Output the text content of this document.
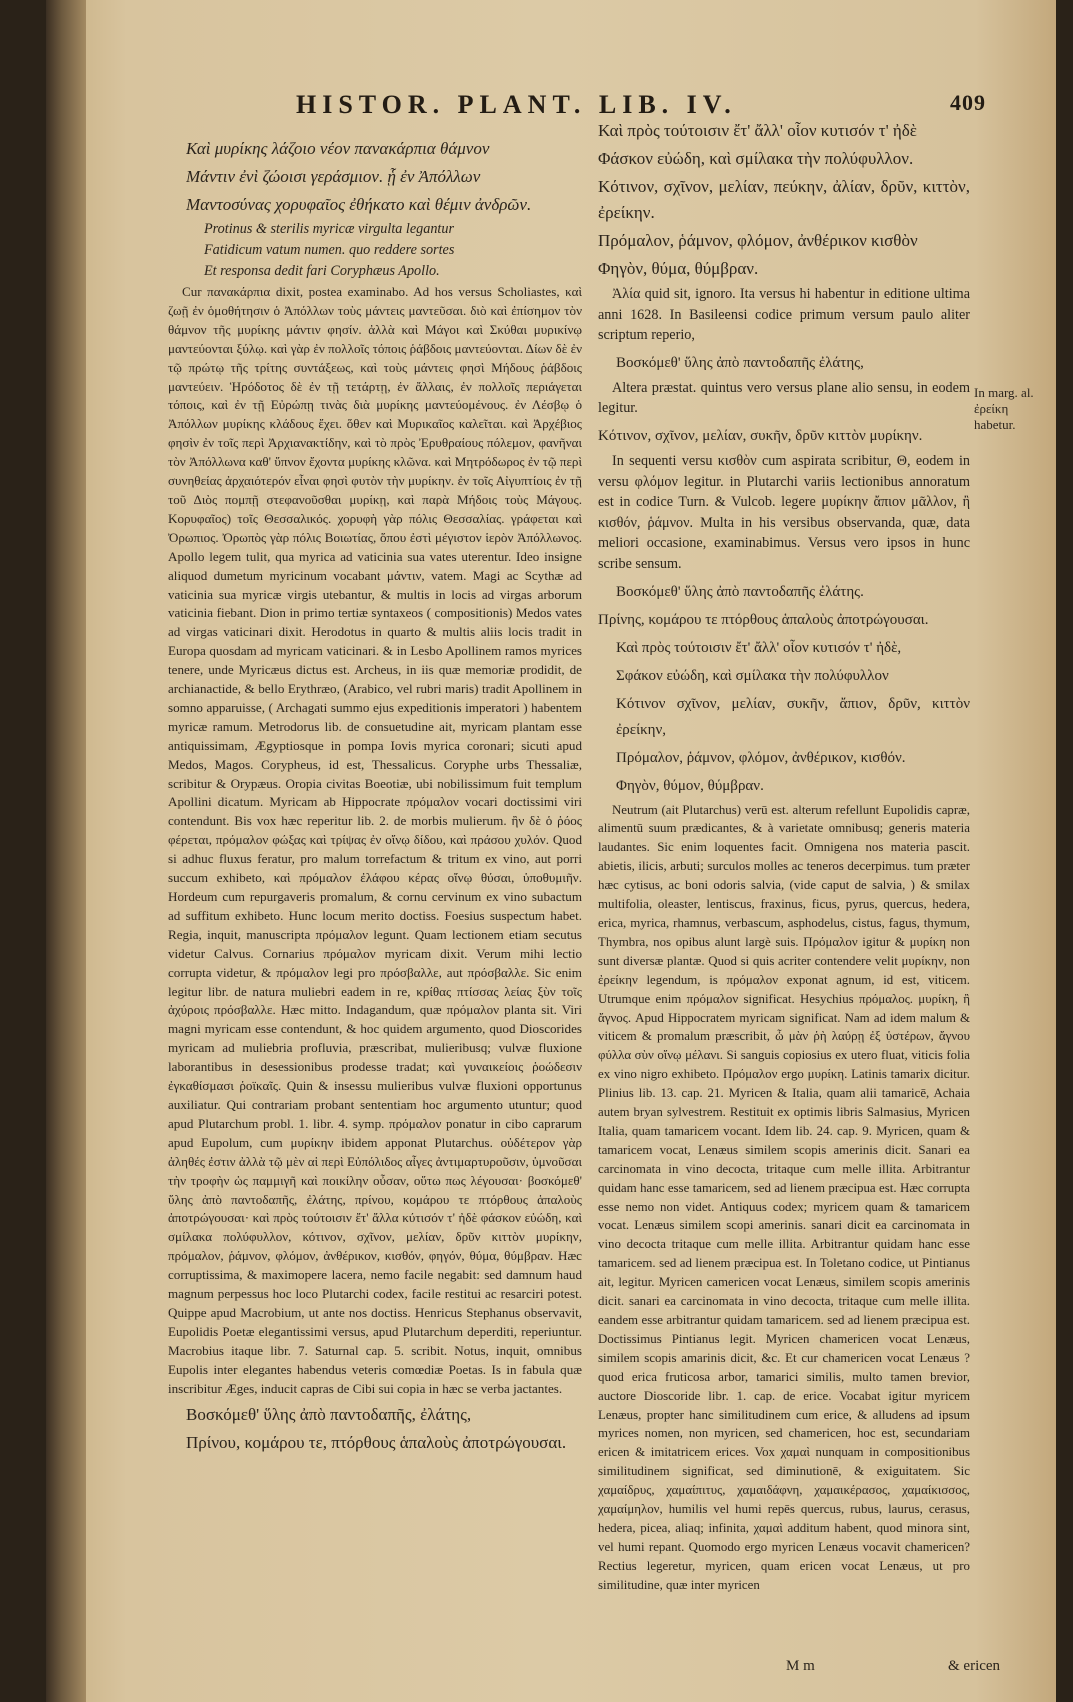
HISTOR. PLANT. LIB. IV.	409
Καὶ μυρίκης λάζοιο νέον πανακάρπια θάμνον
Μάντιν ἐνὶ ζώοισι γεράσμιον. ᾗ ἐν Ἀπόλλων
Μαντοσύνας χορυφαῖος ἐθήκατο καὶ θέμιν ἀνδρῶν.
Protinus & sterilis myricæ virgulta legantur
Fatidicum vatum numen. quo reddere sortes
Et responsa dedit fari Coryphæus Apollo.

Cur πανακάρπια dixit, postea examinabo. Ad hos versus Scholiastes, καὶ ζωῇ ἐν ὁμοθήτησιν ὁ Ἀπόλλων τοὺς μάντεις μαντεῦσαι. διὸ καὶ ἐπίσημον τὸν θάμνον τῆς μυρίκης μάντιν φησίν. ἀλλὰ καὶ Μάγοι καὶ Σκύθαι μυρικίνῳ μαντεύονται ξύλῳ. καὶ γὰρ ἐν πολλοῖς τόποις ῥάβδοις μαντεύονται. Δίων δὲ ἐν τῷ πρώτῳ τῆς τρίτης συντάξεως, καὶ τοὺς μάντεις φησὶ Μήδους ῥάβδοις μαντεύειν. Ἡρόδοτος δὲ ἐν τῇ τετάρτῃ, ἐν ἄλλαις, ἐν πολλοῖς περιάγεται τόποις, καὶ ἐν τῇ Εὐρώπῃ τινὰς διὰ μυρίκης μαντεύομένους. ἐν Λέσβῳ ὁ Ἀπόλλων μυρίκης κλάδους ἔχει. ὅθεν καὶ Μυρικαῖος καλεῖται. καὶ Ἀρχέβιος φησὶν ἐν τοῖς περὶ Ἀρχιανακτίδην, καὶ τὸ πρὸς Ἐρυθραίους πόλεμον, φανῆναι τὸν Ἀπόλλωνα καθ' ὕπνον ἔχοντα μυρίκης κλῶνα. καὶ Μητρόδωρος ἐν τῷ περὶ συνηθείας ἀρχαιότερόν εἶναι φησὶ φυτὸν τὴν μυρίκην. ἐν τοῖς Αἰγυπτίοις ἐν τῇ τοῦ Διὸς πομπῇ στεφανοῦσθαι μυρίκῃ, καὶ παρὰ Μήδοις τοὺς Μάγους. Κορυφαῖος) τοῖς Θεσσαλικός. χορυφὴ γὰρ πόλις Θεσσαλίας. γράφεται καὶ Ὀρωπιος. Ὀρωπὸς γὰρ πόλις Βοιωτίας, ὅπου ἐστὶ μέγιστον ἱερὸν Ἀπόλλωνος. Apollo legem tulit, qua myrica ad vaticinia sua vates uterentur. Ideo insigne aliquod dumetum myricinum vocabant μάντιν, vatem. Magi ac Scythæ ad vaticinia sua myricæ virgis utebantur, & multis in locis ad virgas arborum vaticinia fiebant. Dion in primo tertiæ syntaxeos ( compositionis) Medos vates ad virgas vaticinari dixit. Herodotus in quarto & multis aliis locis tradit in Europa quosdam ad myricam vaticinari. & in Lesbo Apollinem ramos myrices tenere, unde Myricæus dictus est. Archeus, in iis quæ memoriæ prodidit, de archianactide, & bello Erythræo, (Arabico, vel rubri maris) tradit Apollinem in somno apparuisse, ( Archagati summo ejus expeditionis imperatori ) habentem myricæ ramum. Metrodorus lib. de consuetudine ait, myricam plantam esse antiquissimam, Ægyptiosque in pompa Iovis myrica coronari; sicuti apud Medos, Magos. Corypheus, id est, Thessalicus. Coryphe urbs Thessaliæ, scribitur & Orypæus. Oropia civitas Boeotiæ, ubi nobilissimum fuit templum Apollini dicatum. Myricam ab Hippocrate πρόμαλον vocari doctissimi viri contendunt. Bis vox hæc reperitur lib. 2. de morbis mulierum. ἢν δὲ ὁ ῥόος φέρεται, πρόμαλον φώξας καὶ τρίψας ἐν οἴνῳ δίδου, καὶ πράσου χυλόν. Quod si adhuc fluxus feratur, pro malum torrefactum & tritum ex vino, aut porri succum exhibeto, καὶ πρόμαλον ἐλάφου κέρας οἴνῳ θύσαι, ὑποθυμιῆν. Hordeum cum repurgaveris promalum, & cornu cervinum ex vino subactum ad suffitum exhibeto. Hunc locum merito doctiss. Foesius suspectum habet. Regia, inquit, manuscripta πρόμαλον legunt. Quam lectionem etiam secutus videtur Calvus. Cornarius πρόμαλον myricam dixit. Verum mihi lectio corrupta videtur, & πρόμαλον legi pro πρόσβαλλε, aut πρόσβαλλε. Sic enim legitur libr. de natura muliebri eadem in re, κρίθας πτίσσας λείας ξὺν τοῖς ἀχύροις πρόσβαλλε. Hæc mitto. Indagandum, quæ πρόμαλον planta sit. Viri magni myricam esse contendunt, & hoc quidem argumento, quod Dioscorides myricam ad muliebria profluvia, præscribat, mulieribusq; vulvæ fluxione laborantibus in desessionibus prodesse tradat; καὶ γυναικείοις ῥοώδεσιν ἐγκαθίσμασι ῥοϊκαῖς. Quin & insessu mulieribus vulvæ fluxioni opportunus auxiliatur. Qui contrariam probant sententiam hoc argumento utuntur; quod apud Plutarchum probl. 1. libr. 4. symp. πρόμαλον ponatur in cibo caprarum apud Eupolum, cum μυρίκην ibidem apponat Plutarchus. οὐδέτερον γὰρ ἀληθές ἐστιν ἀλλὰ τῷ μὲν αἱ περὶ Εὐπόλιδος αἶγες ἀντιμαρτυροῦσιν, ὑμνοῦσαι τὴν τροφὴν ὡς παμμιγῆ καὶ ποικίλην οὖσαν, οὕτω πως λέγουσαι· βοσκόμεθ' ὕλης ἀπὸ παντοδαπῆς, ἐλάτης, πρίνου, κομάρου τε πτόρθους ἁπαλοὺς ἀποτρώγουσαι· καὶ πρὸς τούτοισιν ἔτ' ἄλλα κύτισόν τ' ἠδὲ φάσκον εὐώδη, καὶ σμίλακα πολύφυλλον, κότινον, σχῖνον, μελίαν, δρῦν κιττὸν μυρίκην, πρόμαλον, ῥάμνον, φλόμον, ἀνθέρικον, κισθόν, φηγόν, θύμα, θύμβραν. Hæc corruptissima, & maximopere lacera, nemo facile negabit: sed damnum haud magnum perpessus hoc loco Plutarchi codex, facile restitui ac resarciri potest. Quippe apud Macrobium, ut ante nos doctiss. Henricus Stephanus observavit, Eupolidis Poetæ elegantissimi versus, apud Plutarchum deperditi, reperiuntur. Macrobius itaque libr. 7. Saturnal cap. 5. scribit. Notus, inquit, omnibus Eupolis inter elegantes habendus veteris comœdiæ Poetas. Is in fabula quæ inscribitur Æges, inducit capras de Cibi sui copia in hæc se verba jactantes.

Βοσκόμεθ' ὕλης ἀπὸ παντοδαπῆς, ἐλάτης,
Πρίνου, κομάρου τε, πτόρθους ἁπαλοὺς ἀποτρώγουσαι.
Καὶ πρὸς τούτοισιν ἔτ' ἄλλ' οἷον κυτισόν τ' ἠδὲ
Φάσκον εὐώδη, καὶ σμίλακα τὴν πολύφυλλον.
Κότινον, σχῖνον, μελίαν, πεύκην, ἀλίαν, δρῦν, κιττὸν, ἐρείκην.
Πρόμαλον, ῥάμνον, φλόμον, ἀνθέρικον κισθὸν
Φηγὸν, θύμα, θύμβραν.

Ἀλία quid sit, ignoro. Ita versus hi habentur in editione ultima anni 1628. In Basileensi codice primum versum paulo aliter scriptum reperio,

Βοσκόμεθ' ὕλης ἀπὸ παντοδαπῆς ἐλάτης,

Altera præstat. quintus vero versus plane alio sensu, in eodem legitur.

Κότινον, σχῖνον, μελίαν, συκῆν, δρῦν κιττὸν μυρίκην.

In sequenti versu κισθὸν cum aspirata scribitur, Θ, eodem in versu φλόμον legitur. in Plutarchi variis lectionibus annoratum est in codice Turn. & Vulcob. legere μυρίκην ἄπιον μᾶλλον, ἢ κισθόν, ῥάμνον. Multa in his versibus observanda, quæ, data meliori occasione, examinabimus. Versus vero ipsos in hunc scribe sensum.

Βοσκόμεθ' ὕλης ἀπὸ παντοδαπῆς ἐλάτης.
Πρίνης, κομάρου τε πτόρθους ἁπαλοὺς ἀποτρώγουσαι.
Καὶ πρὸς τούτοισιν ἔτ' ἄλλ' οἷον κυτισόν τ' ἠδὲ,
Σφάκον εὐώδη, καὶ σμίλακα τὴν πολύφυλλον
Κότινον σχῖνον, μελίαν, συκῆν, ἄπιον, δρῦν, κιττὸν ἐρείκην,
Πρόμαλον, ῥάμνον, φλόμον, ἀνθέρικον, κισθόν.
Φηγὸν, θύμον, θύμβραν.

Neutrum (ait Plutarchus) verū est. alterum refellunt Eupolidis capræ, alimentū suum prædicantes, & à varietate omnibusq; generis materia laudantes. Sic enim loquentes facit. Omnigena nos materia pascit. abietis, ilicis, arbuti; surculos molles ac teneros decerpimus. tum præter hæc cytisus, ac boni odoris salvia, (vide caput de salvia, ) & smilax multifolia, oleaster, lentiscus, fraxinus, ficus, pyrus, quercus, hedera, erica, myrica, rhamnus, verbascum, asphodelus, cistus, fagus, thymum, Thymbra, nos opibus alunt largè suis. Πρόμαλον igitur & μυρίκη non sunt diversæ plantæ. Quod si quis acriter contendere velit μυρίκην, non ἐρείκην legendum, is πρόμαλον exponat agnum, id est, viticem. Utrumque enim πρόμαλον significat. Hesychius πρόμαλος. μυρίκη, ἢ ἄγνος. Apud Hippocratem myricam significat. Nam ad idem malum & viticem & promalum præscribit, ὦ μὰν ῥὴ λαύρῃ ἐξ ὑστέρων, ἄγνου φύλλα σὺν οἴνῳ μέλανι. Si sanguis copiosius ex utero fluat, viticis folia ex vino nigro exhibeto. Πρόμαλον ergo μυρίκη. Latinis tamarix dicitur. Plinius lib. 13. cap. 21. Myricen & Italia, quam alii tamaricē, Achaia autem bryan sylvestrem. Restituit ex optimis libris Salmasius, Myricen Italia, quam tamaricem vocant. Idem lib. 24. cap. 9. Myricen, quam & tamaricem vocat, Lenæus similem scopis amerinis dicit. Sanari ea carcinomata in vino decocta, tritaque cum melle illita. Arbitrantur quidam hanc esse tamaricem, sed ad lienem præcipua est. Hæc corrupta esse nemo non videt. Antiquus codex; myricem quam & tamaricem vocat. Lenæus similem scopi amerinis. sanari dicit ea carcinomata in vino decocta tritaque cum melle illita. Arbitrantur quidam hanc esse tamaricem. sed ad lienem præcipua est. In Toletano codice, ut Pintianus ait, legitur. Myricen camericen vocat Lenæus, similem scopis amerinis dicit. sanari ea carcinomata in vino decocta, tritaque cum melle illita. eandem esse arbitrantur quidam tamaricem. sed ad lienem præcipua est. Doctissimus Pintianus legit. Myricen chamericen vocat Lenæus, similem scopis amarinis dicit, &c. Et cur chamericen vocat Lenæus ? quod erica fruticosa arbor, tamarici similis, multo tamen brevior, auctore Dioscoride libr. 1. cap. de erice. Vocabat igitur myricem Lenæus, propter hanc similitudinem cum erice, & alludens ad ipsum myrices nomen, non myricen, sed chamericen, hoc est, secundariam ericen & imitatricem erices. Vox χαμαὶ nunquam in compositionibus similitudinem significat, sed diminutionē, & exiguitatem. Sic χαμαίδρυς, χαμαίπιτυς, χαμαιδάφνη, χαμαικέρασος, χαμαίκισσος, χαμαίμηλον, humilis vel humi repēs quercus, rubus, laurus, cerasus, hedera, picea, aliaq; infinita, χαμαὶ additum habent, quod minora sint, vel humi repant. Quomodo ergo myricen Lenæus vocavit chamericen? Rectius legeretur, myricen, quam ericen vocat Lenæus, ut pro similitudine, quæ inter myricen

In marg. al. ἐρείκη habetur.
M m	& ericen
